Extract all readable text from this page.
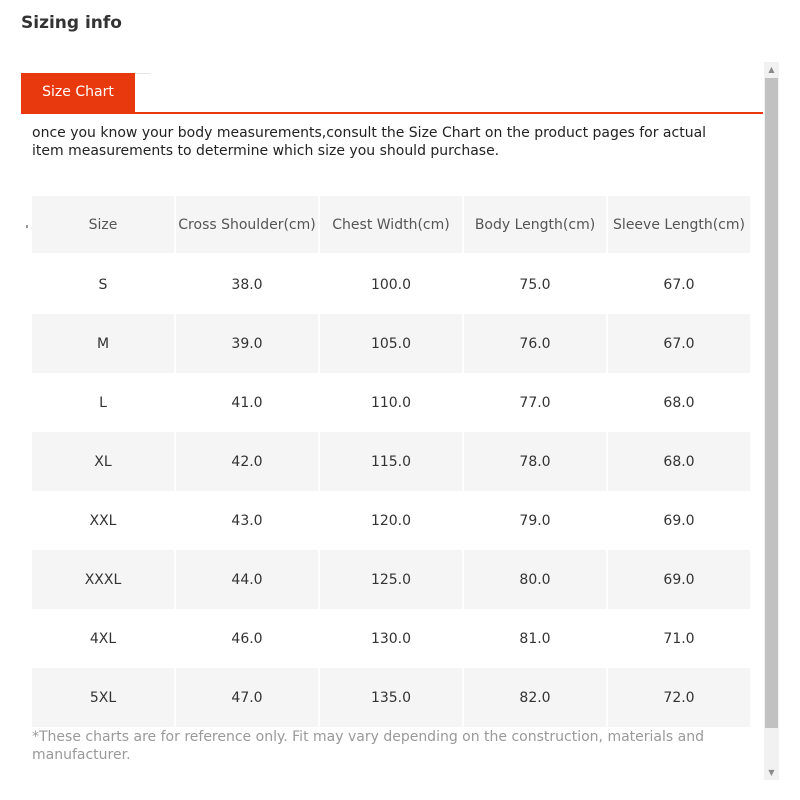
Sizing info
Size Chart

once you know your body measurements,consult the Size Chart on the product pages for actual item measurements to determine which size you should purchase.

Size	Cross Shoulder(cm)	Chest Width(cm)	Body Length(cm)	Sleeve Length(cm)

S	38.0	100.0	75.0	67.0
M	39.0	105.0	76.0	67.0
L	41.0	110.0	77.0	68.0
XL	42.0	115.0	78.0	68.0
XXL	43.0	120.0	79.0	69.0
XXXL	44.0	125.0	80.0	69.0
4XL	46.0	130.0	81.0	71.0
5XL	47.0	135.0	82.0	72.0

*These charts are for reference only. Fit may vary depending on the construction, materials and manufacturer.

▲
▼
